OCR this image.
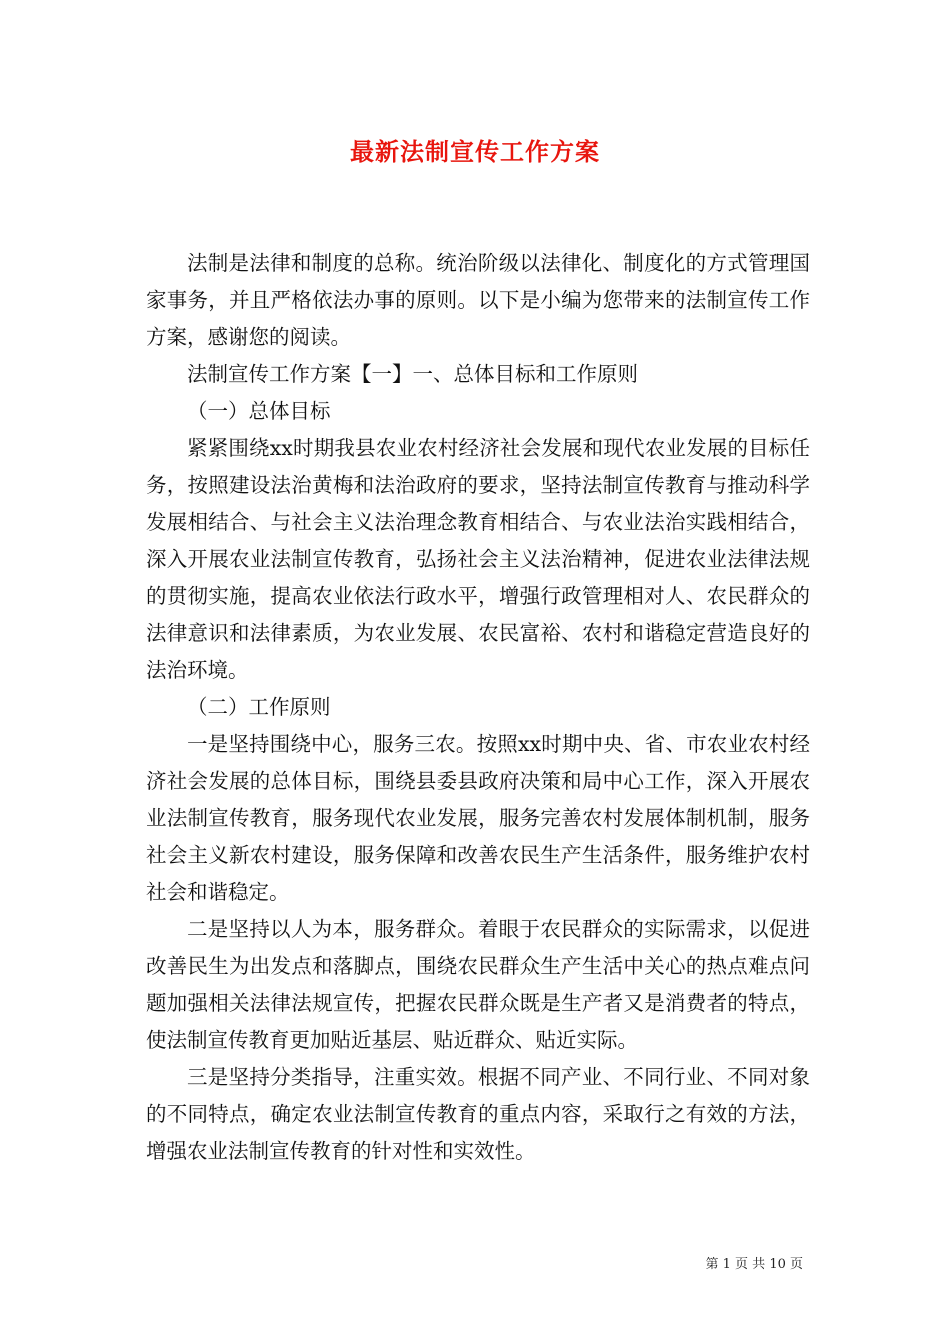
最新法制宣传工作方案

法制是法律和制度的总称。统治阶级以法律化、制度化的方式管理国家事务，并且严格依法办事的原则。以下是小编为您带来的法制宣传工作方案，感谢您的阅读。

法制宣传工作方案【一】一、总体目标和工作原则

（一）总体目标

紧紧围绕xx时期我县农业农村经济社会发展和现代农业发展的目标任务，按照建设法治黄梅和法治政府的要求，坚持法制宣传教育与推动科学发展相结合、与社会主义法治理念教育相结合、与农业法治实践相结合，深入开展农业法制宣传教育，弘扬社会主义法治精神，促进农业法律法规的贯彻实施，提高农业依法行政水平，增强行政管理相对人、农民群众的法律意识和法律素质，为农业发展、农民富裕、农村和谐稳定营造良好的法治环境。

（二）工作原则

一是坚持围绕中心，服务三农。按照xx时期中央、省、市农业农村经济社会发展的总体目标，围绕县委县政府决策和局中心工作，深入开展农业法制宣传教育，服务现代农业发展，服务完善农村发展体制机制，服务社会主义新农村建设，服务保障和改善农民生产生活条件，服务维护农村社会和谐稳定。

二是坚持以人为本，服务群众。着眼于农民群众的实际需求，以促进改善民生为出发点和落脚点，围绕农民群众生产生活中关心的热点难点问题加强相关法律法规宣传，把握农民群众既是生产者又是消费者的特点，使法制宣传教育更加贴近基层、贴近群众、贴近实际。

三是坚持分类指导，注重实效。根据不同产业、不同行业、不同对象的不同特点，确定农业法制宣传教育的重点内容，采取行之有效的方法，增强农业法制宣传教育的针对性和实效性。

第 1 页 共 10 页
